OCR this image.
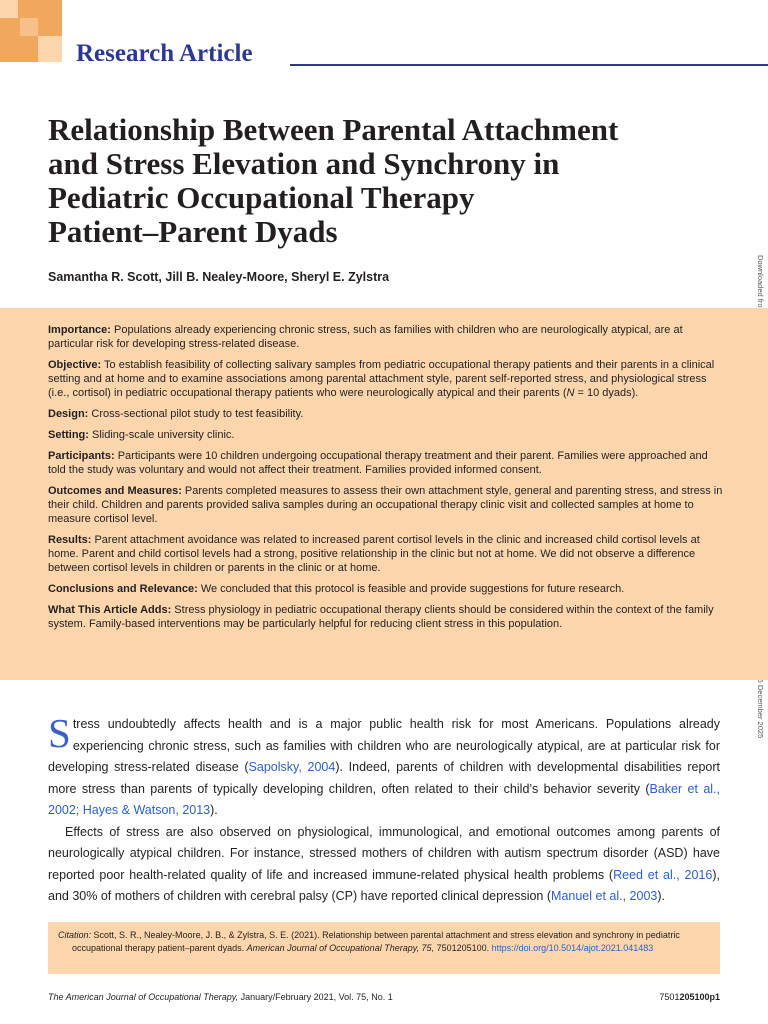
Research Article
Relationship Between Parental Attachment
and Stress Elevation and Synchrony in
Pediatric Occupational Therapy
Patient–Parent Dyads
Samantha R. Scott, Jill B. Nealey-Moore, Sheryl E. Zylstra

Importance: Populations already experiencing chronic stress, such as families with children who are neurologically atypical, are at particular risk for developing stress-related disease.

Objective: To establish feasibility of collecting salivary samples from pediatric occupational therapy patients and their parents in a clinical setting and at home and to examine associations among parental attachment style, parent self-reported stress, and physiological stress (i.e., cortisol) in pediatric occupational therapy patients who were neurologically atypical and their parents (N = 10 dyads).

Design: Cross-sectional pilot study to test feasibility.

Setting: Sliding-scale university clinic.

Participants: Participants were 10 children undergoing occupational therapy treatment and their parent. Families were approached and told the study was voluntary and would not affect their treatment. Families provided informed consent.

Outcomes and Measures: Parents completed measures to assess their own attachment style, general and parenting stress, and stress in their child. Children and parents provided saliva samples during an occupational therapy clinic visit and collected samples at home to measure cortisol level.

Results: Parent attachment avoidance was related to increased parent cortisol levels in the clinic and increased child cortisol levels at home. Parent and child cortisol levels had a strong, positive relationship in the clinic but not at home. We did not observe a difference between cortisol levels in children or parents in the clinic or at home.

Conclusions and Relevance: We concluded that this protocol is feasible and provide suggestions for future research.

What This Article Adds: Stress physiology in pediatric occupational therapy clients should be considered within the context of the family system. Family-based interventions may be particularly helpful for reducing client stress in this population.

Stress undoubtedly affects health and is a major public health risk for most Americans. Populations already experiencing chronic stress, such as families with children who are neurologically atypical, are at particular risk for developing stress-related disease (Sapolsky, 2004). Indeed, parents of children with developmental disabilities report more stress than parents of typically developing children, often related to their child’s behavior severity (Baker et al., 2002; Hayes & Watson, 2013).

Effects of stress are also observed on physiological, immunological, and emotional outcomes among parents of neurologically atypical children. For instance, stressed mothers of children with autism spectrum disorder (ASD) have reported poor health-related quality of life and increased immune-related physical health problems (Reed et al., 2016), and 30% of mothers of children with cerebral palsy (CP) have reported clinical depression (Manuel et al., 2003).

Citation: Scott, S. R., Nealey-Moore, J. B., & Zylstra, S. E. (2021). Relationship between parental attachment and stress elevation and synchrony in pediatric occupational therapy patient–parent dyads. American Journal of Occupational Therapy, 75, 7501205100. https://doi.org/10.5014/ajot.2021.041483
The American Journal of Occupational Therapy, January/February 2021, Vol. 75, No. 1	7501205100p1
